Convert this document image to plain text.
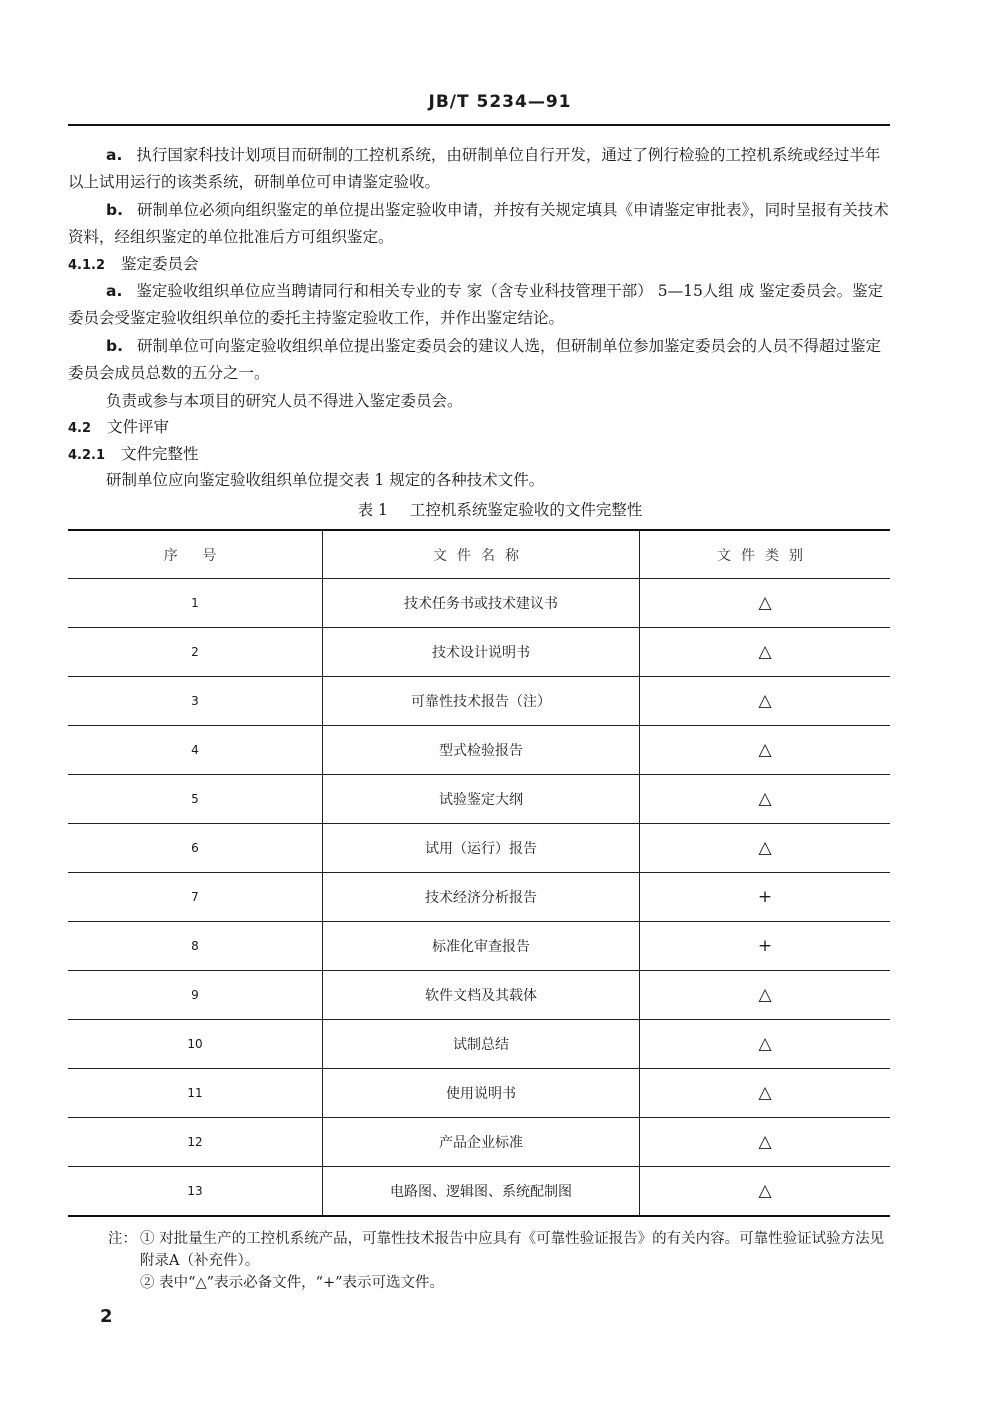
JB/T 5234—91

a. 执行国家科技计划项目而研制的工控机系统，由研制单位自行开发，通过了例行检验的工控机系统或经过半年以上试用运行的该类系统，研制单位可申请鉴定验收。

b. 研制单位必须向组织鉴定的单位提出鉴定验收申请，并按有关规定填具《申请鉴定审批表》，同时呈报有关技术资料，经组织鉴定的单位批准后方可组织鉴定。

4.1.2 鉴定委员会

a. 鉴定验收组织单位应当聘请同行和相关专业的专 家（含专业科技管理干部） 5—15人组 成 鉴定委员会。鉴定委员会受鉴定验收组织单位的委托主持鉴定验收工作，并作出鉴定结论。

b. 研制单位可向鉴定验收组织单位提出鉴定委员会的建议人选，但研制单位参加鉴定委员会的人员不得超过鉴定委员会成员总数的五分之一。

负责或参与本项目的研究人员不得进入鉴定委员会。

4.2 文件评审
4.2.1 文件完整性

研制单位应向鉴定验收组织单位提交表 1 规定的各种技术文件。

表 1 工控机系统鉴定验收的文件完整性
序 号	文件名称	文件类别
1	技术任务书或技术建议书	△
2	技术设计说明书	△
3	可靠性技术报告（注）	△
4	型式检验报告	△
5	试验鉴定大纲	△
6	试用（运行）报告	△
7	技术经济分析报告	+
8	标准化审查报告	+
9	软件文档及其载体	△
10	试制总结	△
11	使用说明书	△
12	产品企业标准	△
13	电路图、逻辑图、系统配制图	△
注： ① 对批量生产的工控机系统产品，可靠性技术报告中应具有《可靠性验证报告》的有关内容。可靠性验证试验方法见附录A（补充件）。
② 表中“△”表示必备文件，“+”表示可选文件。
2
